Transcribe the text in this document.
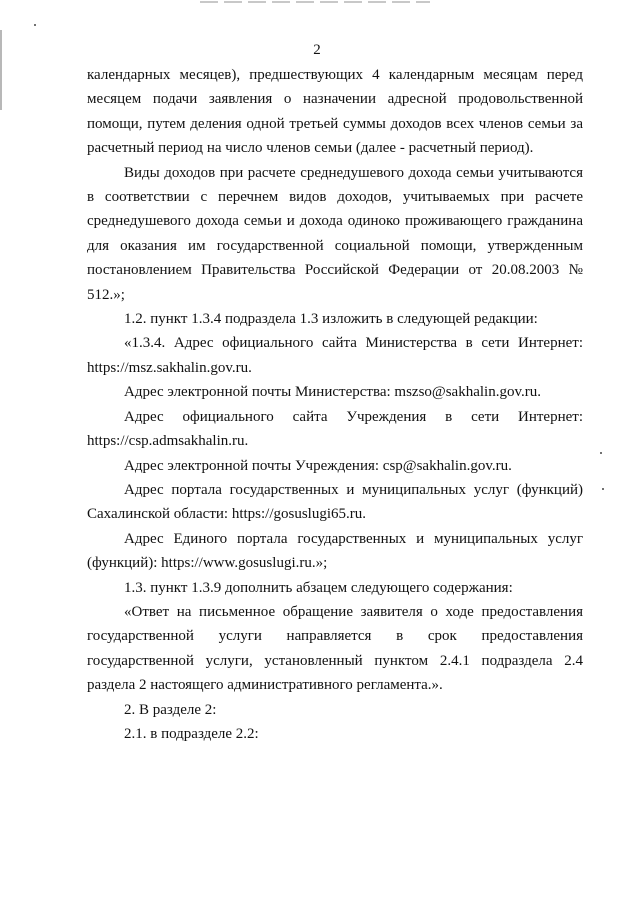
2

календарных месяцев), предшествующих 4 календарным месяцам перед месяцем подачи заявления о назначении адресной продовольственной помощи, путем деления одной третьей суммы доходов всех членов семьи за расчетный период на число членов семьи (далее - расчетный период).

Виды доходов при расчете среднедушевого дохода семьи учитываются в соответствии с перечнем видов доходов, учитываемых при расчете среднедушевого дохода семьи и дохода одиноко проживающего гражданина для оказания им государственной социальной помощи, утвержденным постановлением Правительства Российской Федерации от 20.08.2003 № 512.»;

1.2. пункт 1.3.4 подраздела 1.3 изложить в следующей редакции:

«1.3.4. Адрес официального сайта Министерства в сети Интернет: https://msz.sakhalin.gov.ru.

Адрес электронной почты Министерства: mszso@sakhalin.gov.ru.

Адрес официального сайта Учреждения в сети Интернет: https://csp.admsakhalin.ru.

Адрес электронной почты Учреждения: csp@sakhalin.gov.ru.

Адрес портала государственных и муниципальных услуг (функций) Сахалинской области: https://gosuslugi65.ru.

Адрес Единого портала государственных и муниципальных услуг (функций): https://www.gosuslugi.ru.»;

1.3. пункт 1.3.9 дополнить абзацем следующего содержания:

«Ответ на письменное обращение заявителя о ходе предоставления государственной услуги направляется в срок предоставления государственной услуги, установленный пунктом 2.4.1 подраздела 2.4 раздела 2 настоящего административного регламента.».

2. В разделе 2:

2.1. в подразделе 2.2:
